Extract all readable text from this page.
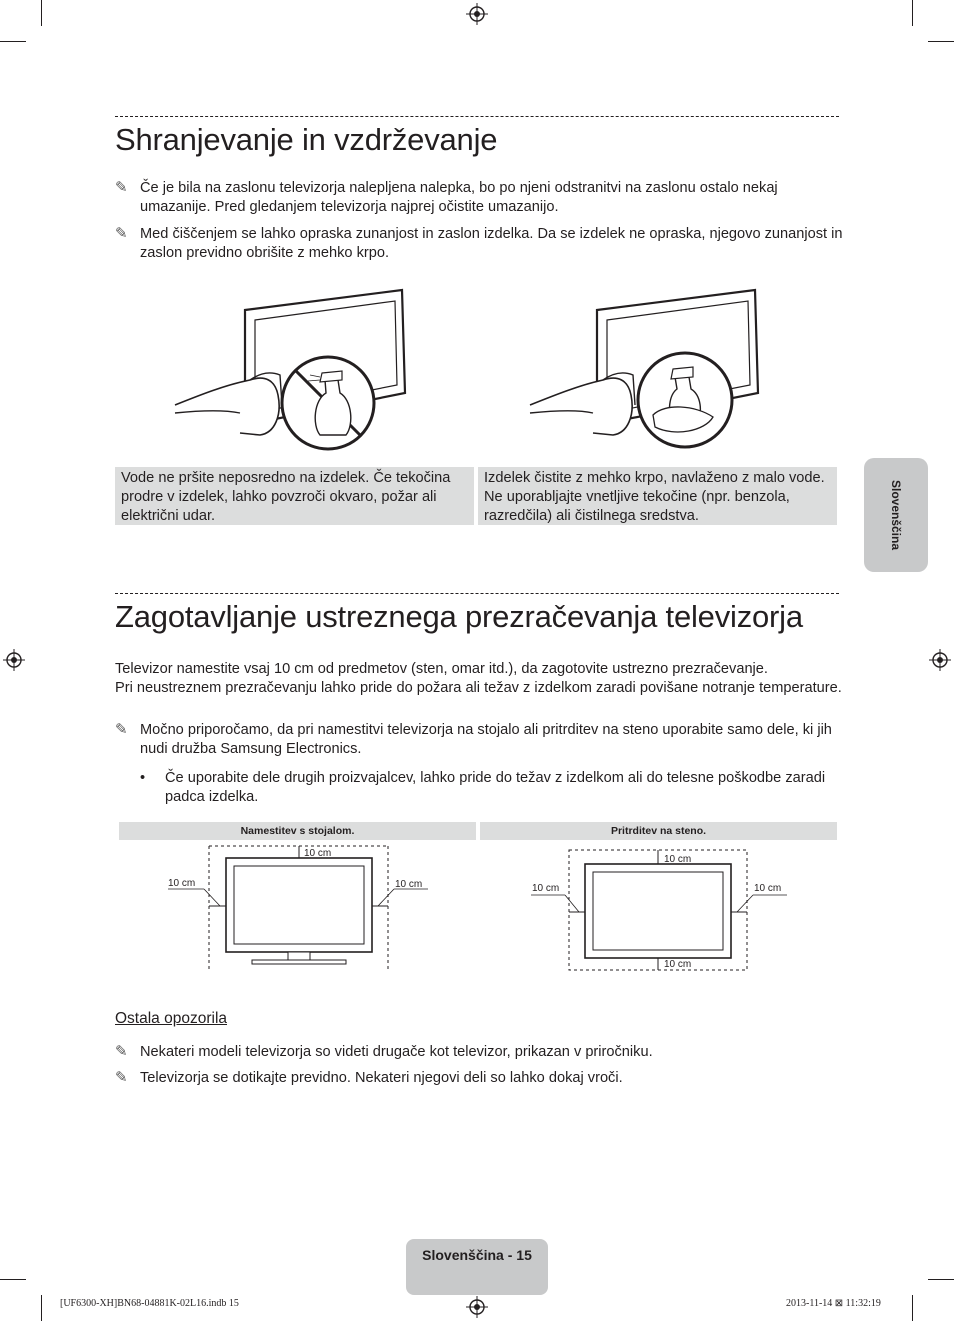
Shranjevanje in vzdrževanje
✎ Če je bila na zaslonu televizorja nalepljena nalepka, bo po njeni odstranitvi na zaslonu ostalo nekaj umazanije. Pred gledanjem televizorja najprej očistite umazanijo.
✎ Med čiščenjem se lahko opraska zunanjost in zaslon izdelka. Da se izdelek ne opraska, njegovo zunanjost in zaslon previdno obrišite z mehko krpo.
Vode ne pršite neposredno na izdelek. Če tekočina prodre v izdelek, lahko povzroči okvaro, požar ali električni udar.
Izdelek čistite z mehko krpo, navlaženo z malo vode. Ne uporabljajte vnetljive tekočine (npr. benzola, razredčila) ali čistilnega sredstva.
Zagotavljanje ustreznega prezračevanja televizorja
Televizor namestite vsaj 10 cm od predmetov (sten, omar itd.), da zagotovite ustrezno prezračevanje.
Pri neustreznem prezračevanju lahko pride do požara ali težav z izdelkom zaradi povišane notranje temperature.
✎ Močno priporočamo, da pri namestitvi televizorja na stojalo ali pritrditev na steno uporabite samo dele, ki jih nudi družba Samsung Electronics.
• Če uporabite dele drugih proizvajalcev, lahko pride do težav z izdelkom ali do telesne poškodbe zaradi padca izdelka.
Namestitev s stojalom.	Pritrditev na steno.
10 cm
10 cm	10 cm
10 cm
10 cm	10 cm
10 cm
Ostala opozorila
✎ Nekateri modeli televizorja so videti drugače kot televizor, prikazan v priročniku.
✎ Televizorja se dotikajte previdno. Nekateri njegovi deli so lahko dokaj vroči.
Slovenščina
Slovenščina - 15
[UF6300-XH]BN68-04881K-02L16.indb 15	2013-11-14 ⊠ 11:32:19
